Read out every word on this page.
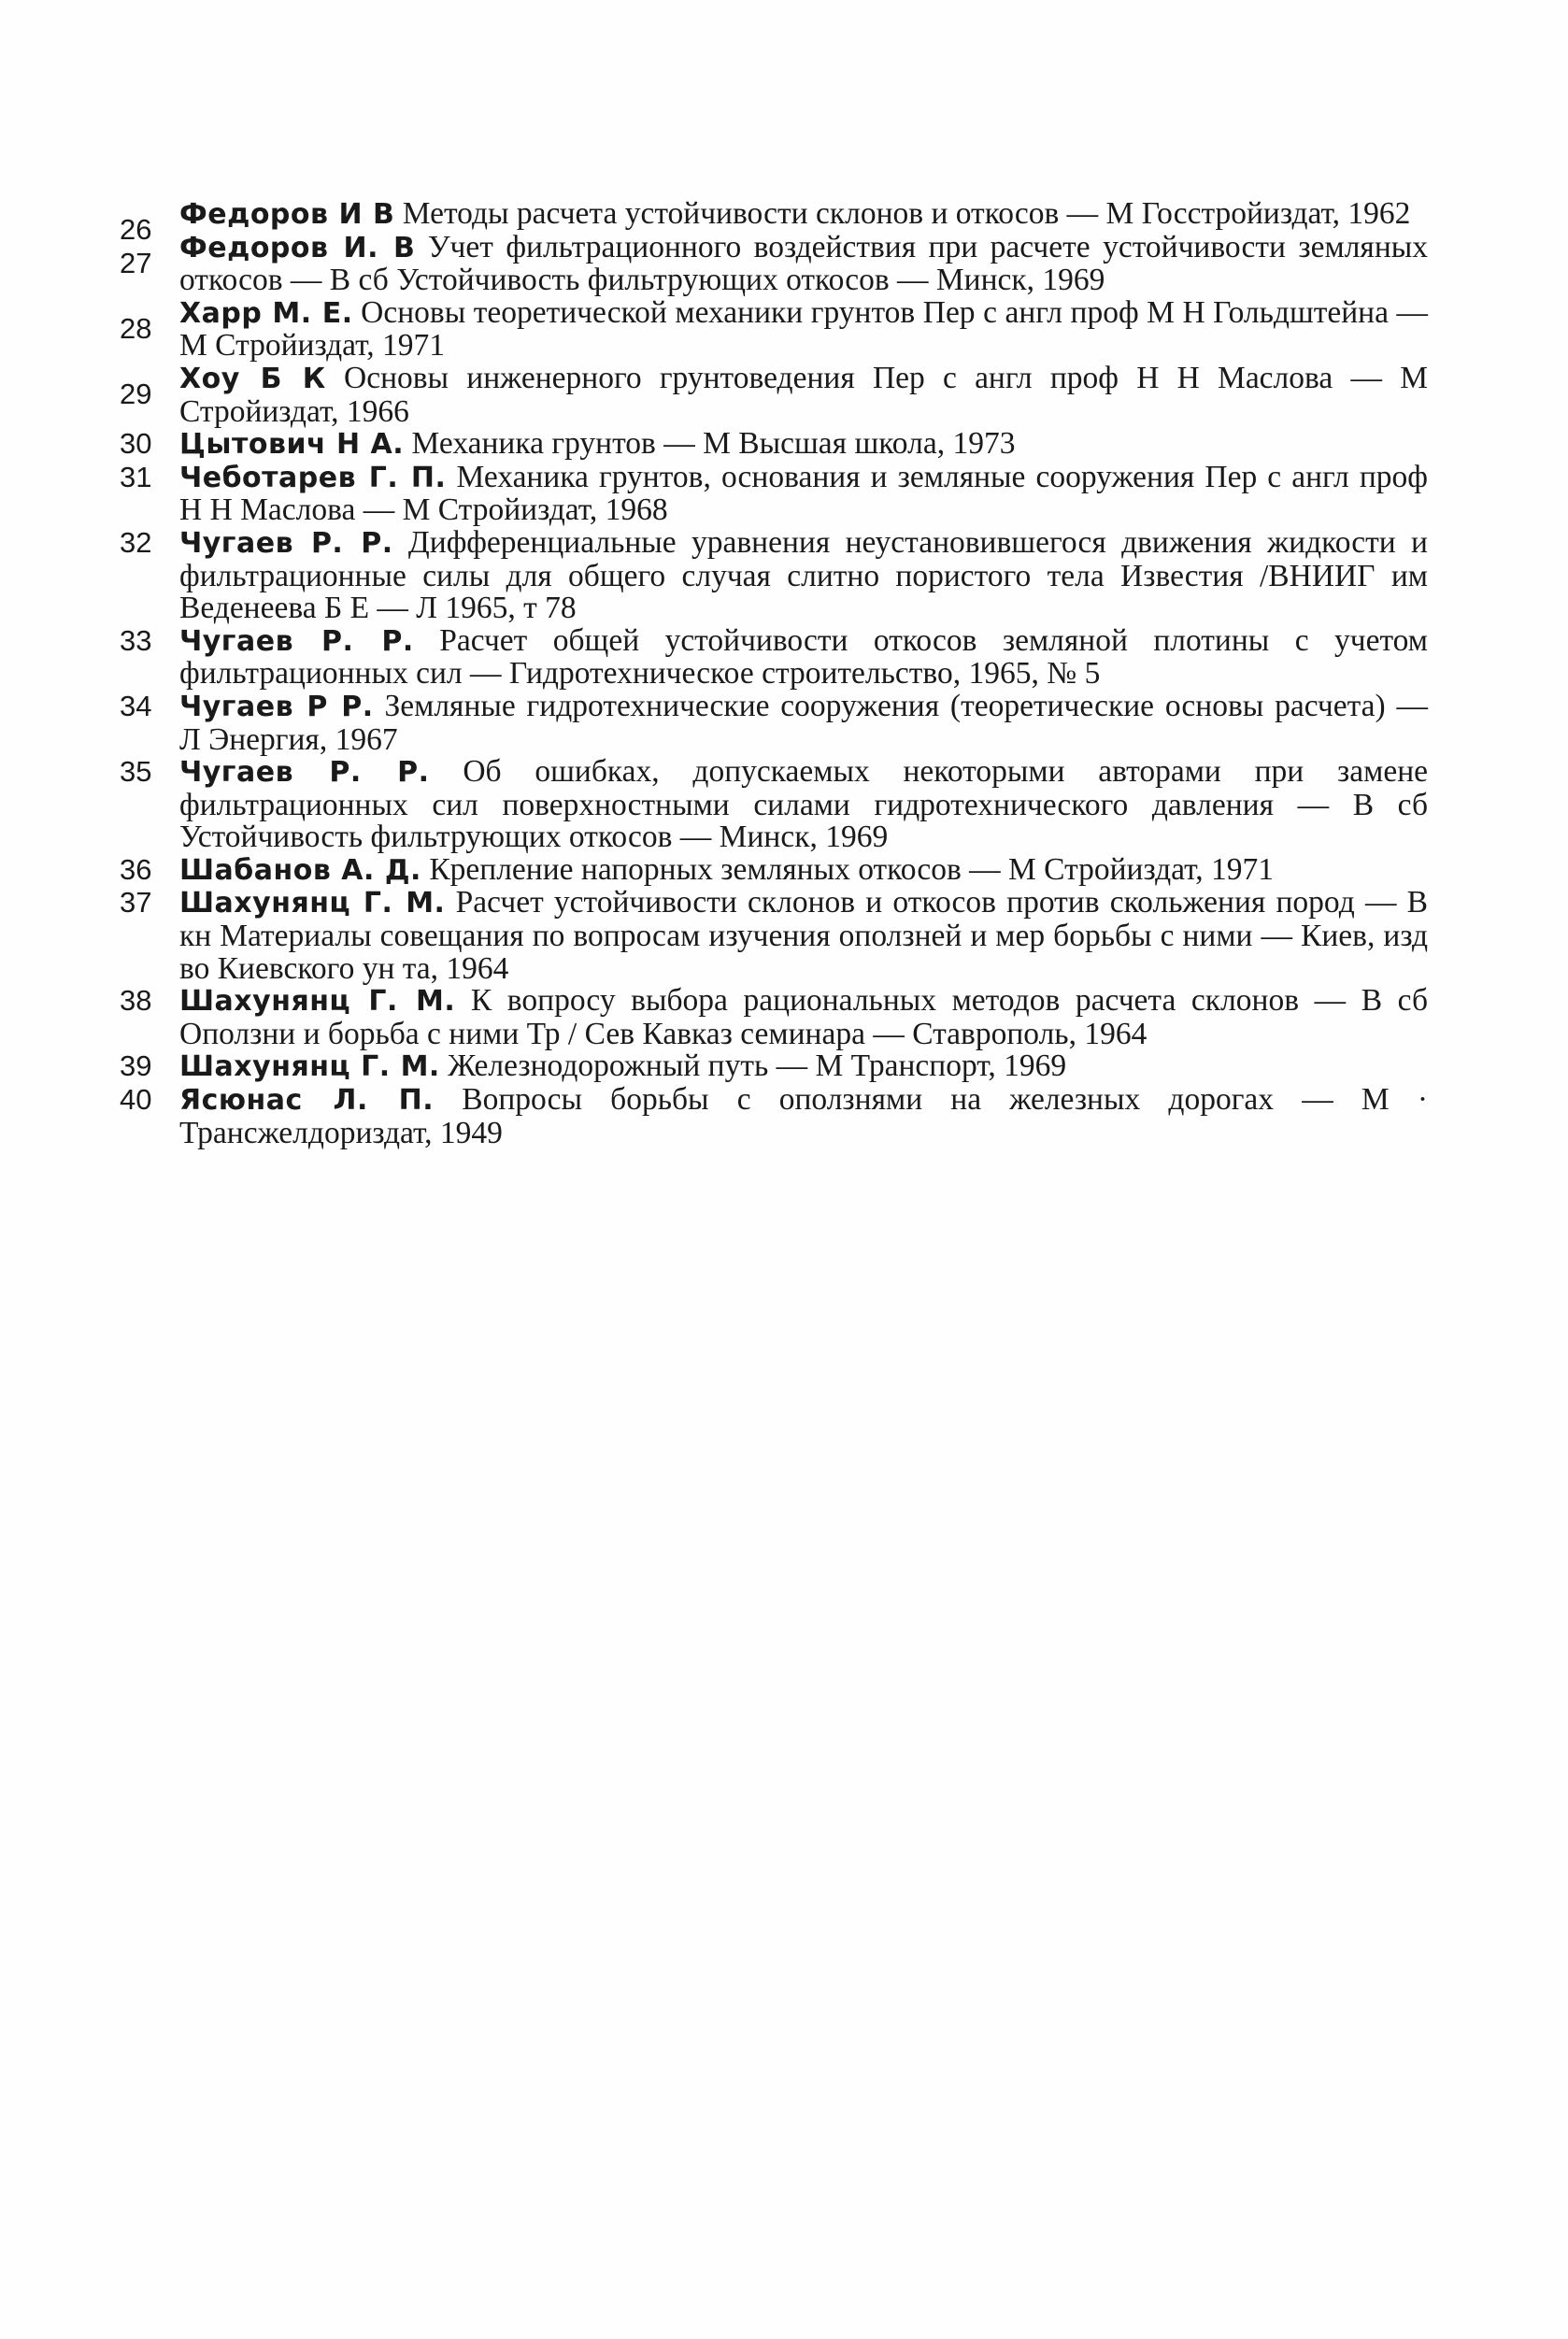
26 Федоров И В Методы расчета устойчивости склонов и откосов — М Госстройиздат, 1962
27 Федоров И. В Учет фильтрационного воздействия при расчете устойчивости земляных откосов — В сб Устойчивость фильтрующих откосов — Минск, 1969
28 Харр М. Е. Основы теоретической механики грунтов Пер с англ проф М Н Гольдштейна — М Стройиздат, 1971
29 Хоу Б К Основы инженерного грунтоведения Пер с англ проф Н Н Маслова — М Стройиздат, 1966
30 Цытович Н А. Механика грунтов — М Высшая школа, 1973
31 Чеботарев Г. П. Механика грунтов, основания и земляные сооружения Пер с англ проф Н Н Маслова — М Стройиздат, 1968
32 Чугаев Р. Р. Дифференциальные уравнения неустановившегося движения жидкости и фильтрационные силы для общего случая слитно пористого тела Известия /ВНИИГ им Веденеева Б Е — Л 1965, т 78
33 Чугаев Р. Р. Расчет общей устойчивости откосов земляной плотины с учетом фильтрационных сил — Гидротехническое строительство, 1965, № 5
34 Чугаев Р Р. Земляные гидротехнические сооружения (теоретические основы расчета) — Л Энергия, 1967
35 Чугаев Р. Р. Об ошибках, допускаемых некоторыми авторами при замене фильтрационных сил поверхностными силами гидротехнического давления — В сб Устойчивость фильтрующих откосов — Минск, 1969
36 Шабанов А. Д. Крепление напорных земляных откосов — М Стройиздат, 1971
37 Шахунянц Г. М. Расчет устойчивости склонов и откосов против скольжения пород — В кн Материалы совещания по вопросам изучения оползней и мер борьбы с ними — Киев, изд во Киевского ун та, 1964
38 Шахунянц Г. М. К вопросу выбора рациональных методов расчета склонов — В сб Оползни и борьба с ними Тр / Сев Кавказ семинара — Ставрополь, 1964
39 Шахунянц Г. М. Железнодорожный путь — М Транспорт, 1969
40 Ясюнас Л. П. Вопросы борьбы с оползнями на железных дорогах — М · Трансжелдориздат, 1949
